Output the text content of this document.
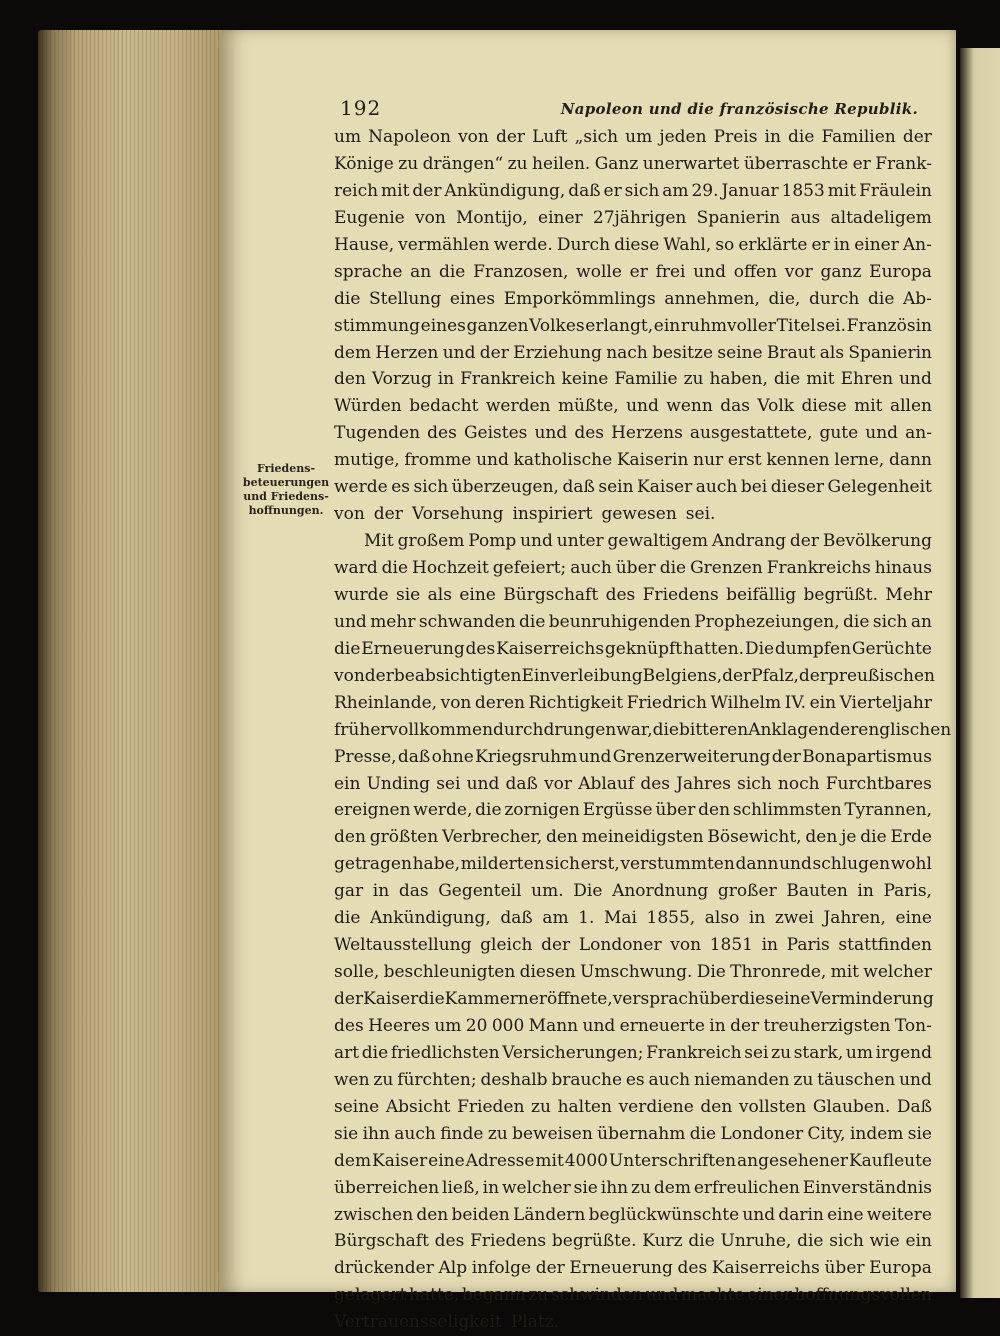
192	Napoleon und die französische Republik.
Friedens-
beteuerungen
und Friedens-
hoffnungen.
um Napoleon von der Luft „sich um jeden Preis in die Familien der
Könige zu drängen“ zu heilen. Ganz unerwartet überraschte er Frank-
reich mit der Ankündigung, daß er sich am 29. Januar 1853 mit Fräulein
Eugenie von Montijo, einer 27jährigen Spanierin aus altadeligem
Hause, vermählen werde. Durch diese Wahl, so erklärte er in einer An-
sprache an die Franzosen, wolle er frei und offen vor ganz Europa
die Stellung eines Emporkömmlings annehmen, die, durch die Ab-
stimmung eines ganzen Volkes erlangt, ein ruhmvoller Titel sei. Französin
dem Herzen und der Erziehung nach besitze seine Braut als Spanierin
den Vorzug in Frankreich keine Familie zu haben, die mit Ehren und
Würden bedacht werden müßte, und wenn das Volk diese mit allen
Tugenden des Geistes und des Herzens ausgestattete, gute und an-
mutige, fromme und katholische Kaiserin nur erst kennen lerne, dann
werde es sich überzeugen, daß sein Kaiser auch bei dieser Gelegenheit
von der Vorsehung inspiriert gewesen sei.
Mit großem Pomp und unter gewaltigem Andrang der Bevölkerung
ward die Hochzeit gefeiert; auch über die Grenzen Frankreichs hinaus
wurde sie als eine Bürgschaft des Friedens beifällig begrüßt. Mehr
und mehr schwanden die beunruhigenden Prophezeiungen, die sich an
die Erneuerung des Kaiserreichs geknüpft hatten. Die dumpfen Gerüchte
von der beabsichtigten Einverleibung Belgiens, der Pfalz, der preußischen
Rheinlande, von deren Richtigkeit Friedrich Wilhelm IV. ein Vierteljahr
früher vollkommen durchdrungen war, die bitteren Anklagen der englischen
Presse, daß ohne Kriegsruhm und Grenzerweiterung der Bonapartismus
ein Unding sei und daß vor Ablauf des Jahres sich noch Furchtbares
ereignen werde, die zornigen Ergüsse über den schlimmsten Tyrannen,
den größten Verbrecher, den meineidigsten Bösewicht, den je die Erde
getragen habe, milderten sich erst, verstummten dann und schlugen wohl
gar in das Gegenteil um. Die Anordnung großer Bauten in Paris,
die Ankündigung, daß am 1. Mai 1855, also in zwei Jahren, eine
Weltausstellung gleich der Londoner von 1851 in Paris stattfinden
solle, beschleunigten diesen Umschwung. Die Thronrede, mit welcher
der Kaiser die Kammern eröffnete, versprach überdies eine Verminderung
des Heeres um 20 000 Mann und erneuerte in der treuherzigsten Ton-
art die friedlichsten Versicherungen; Frankreich sei zu stark, um irgend
wen zu fürchten; deshalb brauche es auch niemanden zu täuschen und
seine Absicht Frieden zu halten verdiene den vollsten Glauben. Daß
sie ihn auch finde zu beweisen übernahm die Londoner City, indem sie
dem Kaiser eine Adresse mit 4000 Unterschriften angesehener Kaufleute
überreichen ließ, in welcher sie ihn zu dem erfreulichen Einverständnis
zwischen den beiden Ländern beglückwünschte und darin eine weitere
Bürgschaft des Friedens begrüßte. Kurz die Unruhe, die sich wie ein
drückender Alp infolge der Erneuerung des Kaiserreichs über Europa
gelagert hatte, begann zu schwinden und machte einer hoffnungsvollen
Vertrauensseligkeit Platz.
